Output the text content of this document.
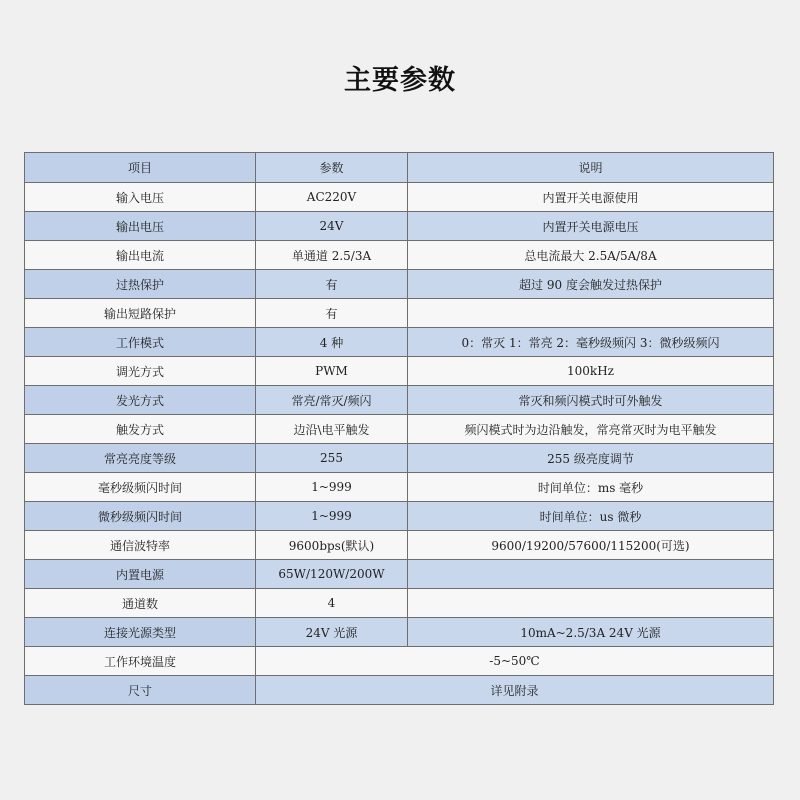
主要参数
项目	参数	说明
输入电压	AC220V	内置开关电源使用
输出电压	24V	内置开关电源电压
输出电流	单通道 2.5/3A	总电流最大 2.5A/5A/8A
过热保护	有	超过 90 度会触发过热保护
输出短路保护	有	
工作模式	4 种	0：常灭 1：常亮 2：毫秒级频闪 3：微秒级频闪
调光方式	PWM	100kHz
发光方式	常亮/常灭/频闪	常灭和频闪模式时可外触发
触发方式	边沿\电平触发	频闪模式时为边沿触发，常亮常灭时为电平触发
常亮亮度等级	255	255 级亮度调节
毫秒级频闪时间	1~999	时间单位：ms 毫秒
微秒级频闪时间	1~999	时间单位：us 微秒
通信波特率	9600bps(默认)	9600/19200/57600/115200(可选)
内置电源	65W/120W/200W	
通道数	4	
连接光源类型	24V 光源	10mA~2.5/3A 24V 光源
工作环境温度	-5~50℃	
尺寸	详见附录	
